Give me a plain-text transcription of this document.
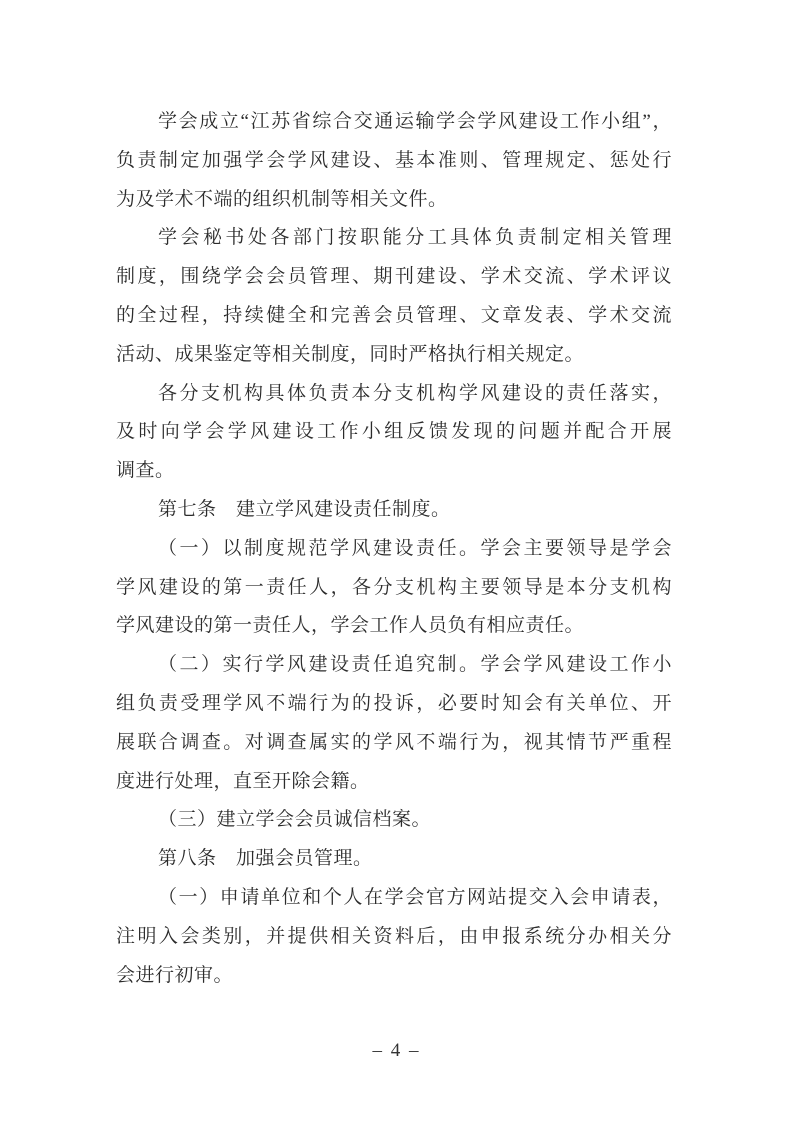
学会成立“江苏省综合交通运输学会学风建设工作小组”，
负责制定加强学会学风建设、基本准则、管理规定、惩处行
为及学术不端的组织机制等相关文件。
学会秘书处各部门按职能分工具体负责制定相关管理
制度，围绕学会会员管理、期刊建设、学术交流、学术评议
的全过程，持续健全和完善会员管理、文章发表、学术交流
活动、成果鉴定等相关制度，同时严格执行相关规定。
各分支机构具体负责本分支机构学风建设的责任落实，
及时向学会学风建设工作小组反馈发现的问题并配合开展
调查。
第七条　建立学风建设责任制度。
（一）以制度规范学风建设责任。学会主要领导是学会
学风建设的第一责任人，各分支机构主要领导是本分支机构
学风建设的第一责任人，学会工作人员负有相应责任。
（二）实行学风建设责任追究制。学会学风建设工作小
组负责受理学风不端行为的投诉，必要时知会有关单位、开
展联合调查。对调查属实的学风不端行为，视其情节严重程
度进行处理，直至开除会籍。
（三）建立学会会员诚信档案。
第八条　加强会员管理。
（一）申请单位和个人在学会官方网站提交入会申请表，
注明入会类别，并提供相关资料后，由申报系统分办相关分
会进行初审。
– 4 –
